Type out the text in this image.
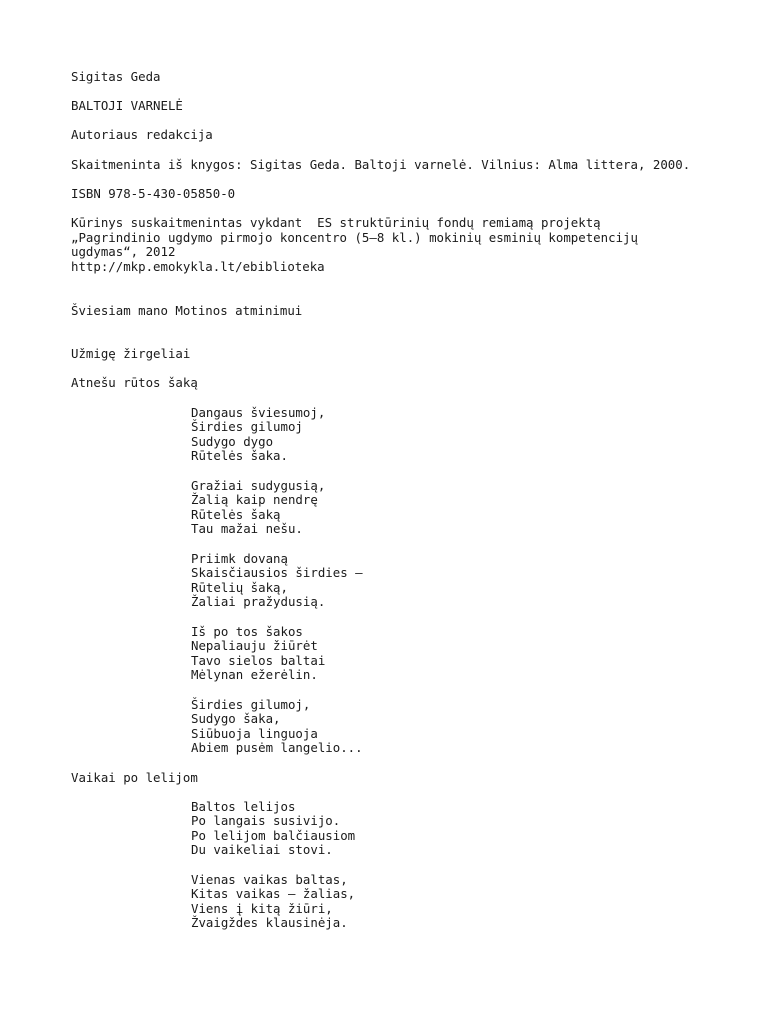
Sigitas Geda
BALTOJI VARNELĖ
Autoriaus redakcija
Skaitmeninta iš knygos: Sigitas Geda. Baltoji varnelė. Vilnius: Alma littera, 2000.
ISBN 978-5-430-05850-0
Kūrinys suskaitmenintas vykdant  ES struktūrinių fondų remiamą projektą
„Pagrindinio ugdymo pirmojo koncentro (5–8 kl.) mokinių esminių kompetencijų
ugdymas“, 2012
http://mkp.emokykla.lt/ebiblioteka
Šviesiam mano Motinos atminimui
Užmigę žirgeliai
Atnešu rūtos šaką
Dangaus šviesumoj,
Širdies gilumoj
Sudygo dygo
Rūtelės šaka.
Gražiai sudygusią,
Žalią kaip nendrę
Rūtelės šaką
Tau mažai nešu.
Priimk dovaną
Skaisčiausios širdies –
Rūtelių šaką,
Žaliai pražydusią.
Iš po tos šakos
Nepaliauju žiūrėt
Tavo sielos baltai
Mėlynan ežerėlin.
Širdies gilumoj,
Sudygo šaka,
Siūbuoja linguoja
Abiem pusėm langelio...
Vaikai po lelijom
Baltos lelijos
Po langais susivijo.
Po lelijom balčiausiom
Du vaikeliai stovi.
Vienas vaikas baltas,
Kitas vaikas – žalias,
Viens į kitą žiūri,
Žvaigždes klausinėja.
